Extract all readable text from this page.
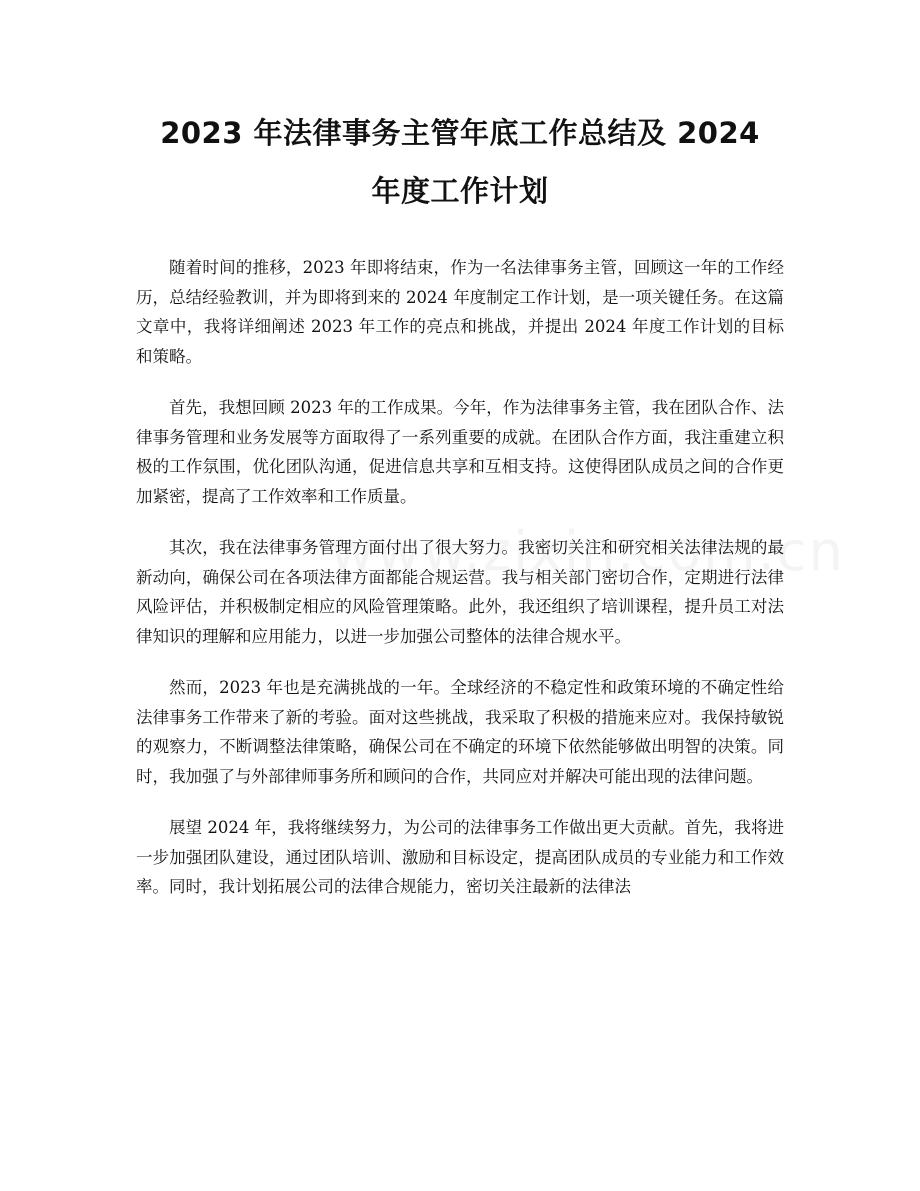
2023 年法律事务主管年底工作总结及 2024
年度工作计划

随着时间的推移，2023 年即将结束，作为一名法律事务主管，回顾这一年的工作经历，总结经验教训，并为即将到来的 2024 年度制定工作计划，是一项关键任务。在这篇文章中，我将详细阐述 2023 年工作的亮点和挑战，并提出 2024 年度工作计划的目标和策略。

首先，我想回顾 2023 年的工作成果。今年，作为法律事务主管，我在团队合作、法律事务管理和业务发展等方面取得了一系列重要的成就。在团队合作方面，我注重建立积极的工作氛围，优化团队沟通，促进信息共享和互相支持。这使得团队成员之间的合作更加紧密，提高了工作效率和工作质量。

其次，我在法律事务管理方面付出了很大努力。我密切关注和研究相关法律法规的最新动向，确保公司在各项法律方面都能合规运营。我与相关部门密切合作，定期进行法律风险评估，并积极制定相应的风险管理策略。此外，我还组织了培训课程，提升员工对法律知识的理解和应用能力，以进一步加强公司整体的法律合规水平。

然而，2023 年也是充满挑战的一年。全球经济的不稳定性和政策环境的不确定性给法律事务工作带来了新的考验。面对这些挑战，我采取了积极的措施来应对。我保持敏锐的观察力，不断调整法律策略，确保公司在不确定的环境下依然能够做出明智的决策。同时，我加强了与外部律师事务所和顾问的合作，共同应对并解决可能出现的法律问题。

展望 2024 年，我将继续努力，为公司的法律事务工作做出更大贡献。首先，我将进一步加强团队建设，通过团队培训、激励和目标设定，提高团队成员的专业能力和工作效率。同时，我计划拓展公司的法律合规能力，密切关注最新的法律法
